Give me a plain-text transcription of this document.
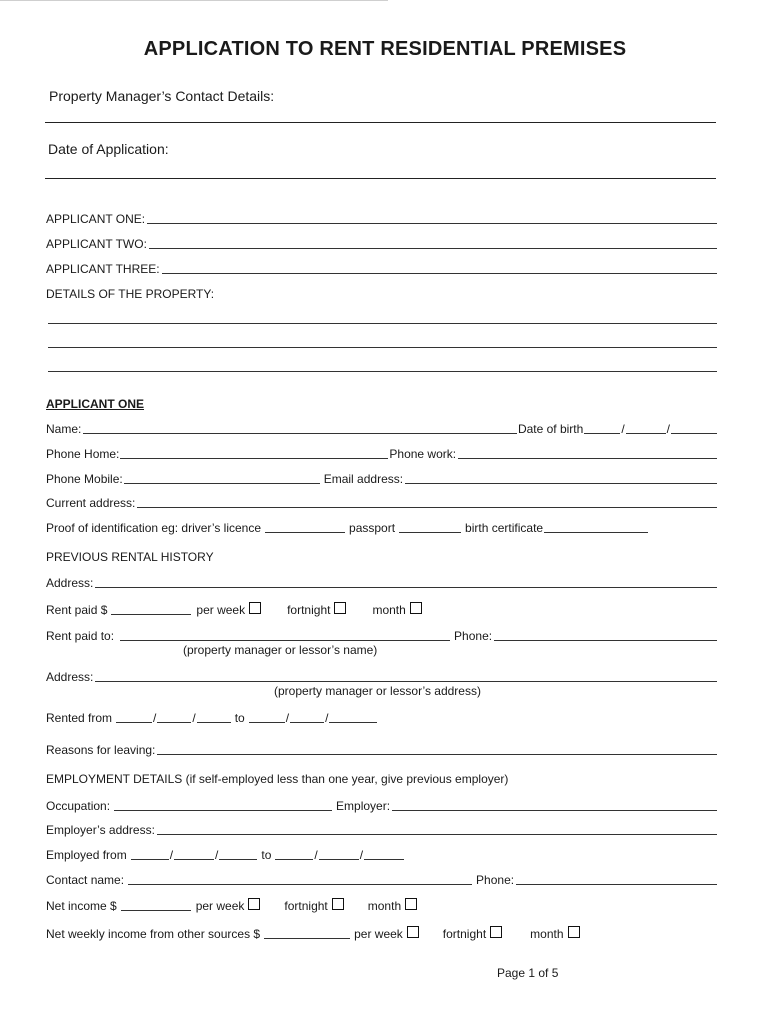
APPLICATION TO RENT RESIDENTIAL PREMISES
Property Manager’s Contact Details:
Date of Application:
APPLICANT ONE:
APPLICANT TWO:
APPLICANT THREE:
DETAILS OF THE PROPERTY:
APPLICANT ONE
Name:	Date of birth	/	/
Phone Home:	Phone work:
Phone Mobile:	Email address:
Current address:
Proof of identification eg: driver’s licence	passport	birth certificate
PREVIOUS RENTAL HISTORY
Address:
Rent paid $	per week	fortnight	month
Rent paid to:	Phone:
(property manager or lessor’s name)
Address:
(property manager or lessor’s address)
Rented from	/	/	to	/	/
Reasons for leaving:
EMPLOYMENT DETAILS (if self-employed less than one year, give previous employer)
Occupation:	Employer:
Employer’s address:
Employed from	/	/	to	/	/
Contact name:	Phone:
Net income $	per week	fortnight	month
Net weekly income from other sources $	per week	fortnight	month
Page 1 of 5
